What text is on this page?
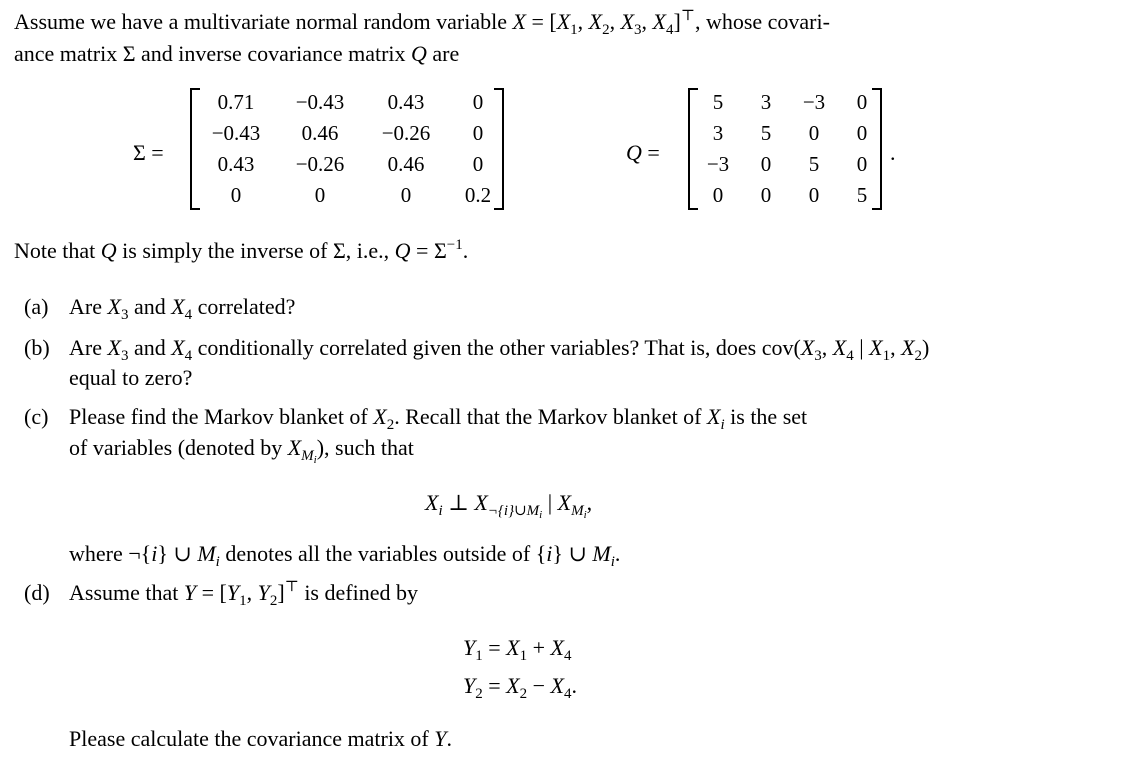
Assume we have a multivariate normal random variable $X = [X_1$, $X_2$, $X_3$, $X_4]^⊤$, whose covari-
ance matrix Σ and inverse covariance matrix Q are
Σ =
0.71	−0.43	0.43	0
−0.43	0.46	−0.26	0
0.43	−0.26	0.46	0
0	0	0	0.2
Q =
5	3	−3	0
3	5	0	0
−3	0	5	0
0	0	0	5
.
Note that Q is simply the inverse of Σ, i.e., $Q = \Sigma^{-1}$.
(a) Are $X_3$ and $X_4$ correlated?
(b) Are $X_3$ and $X_4$ conditionally correlated given the other variables? That is, does $cov(X_3$, $X_4$ | $X_1$, $X_2$)
equal to zero?
(c) Please find the Markov blanket of $X_2$. Recall that the Markov blanket of $X_i$ is the set
of variables (denoted by $X_{M_i}$), such that
$X_i$ ⊥ $X_{\neg\{i\}\cup M_i}$ | $X_{M_i}$,
where ¬{i} ∪ $M_i$ denotes all the variables outside of {i} ∪ $M_i$.
(d) Assume that $Y = [Y_1$, $Y_2]^⊤$ is defined by
$Y_1 = X_1 + X_4$
$Y_2 = X_2 - X_4$.
Please calculate the covariance matrix of Y.
